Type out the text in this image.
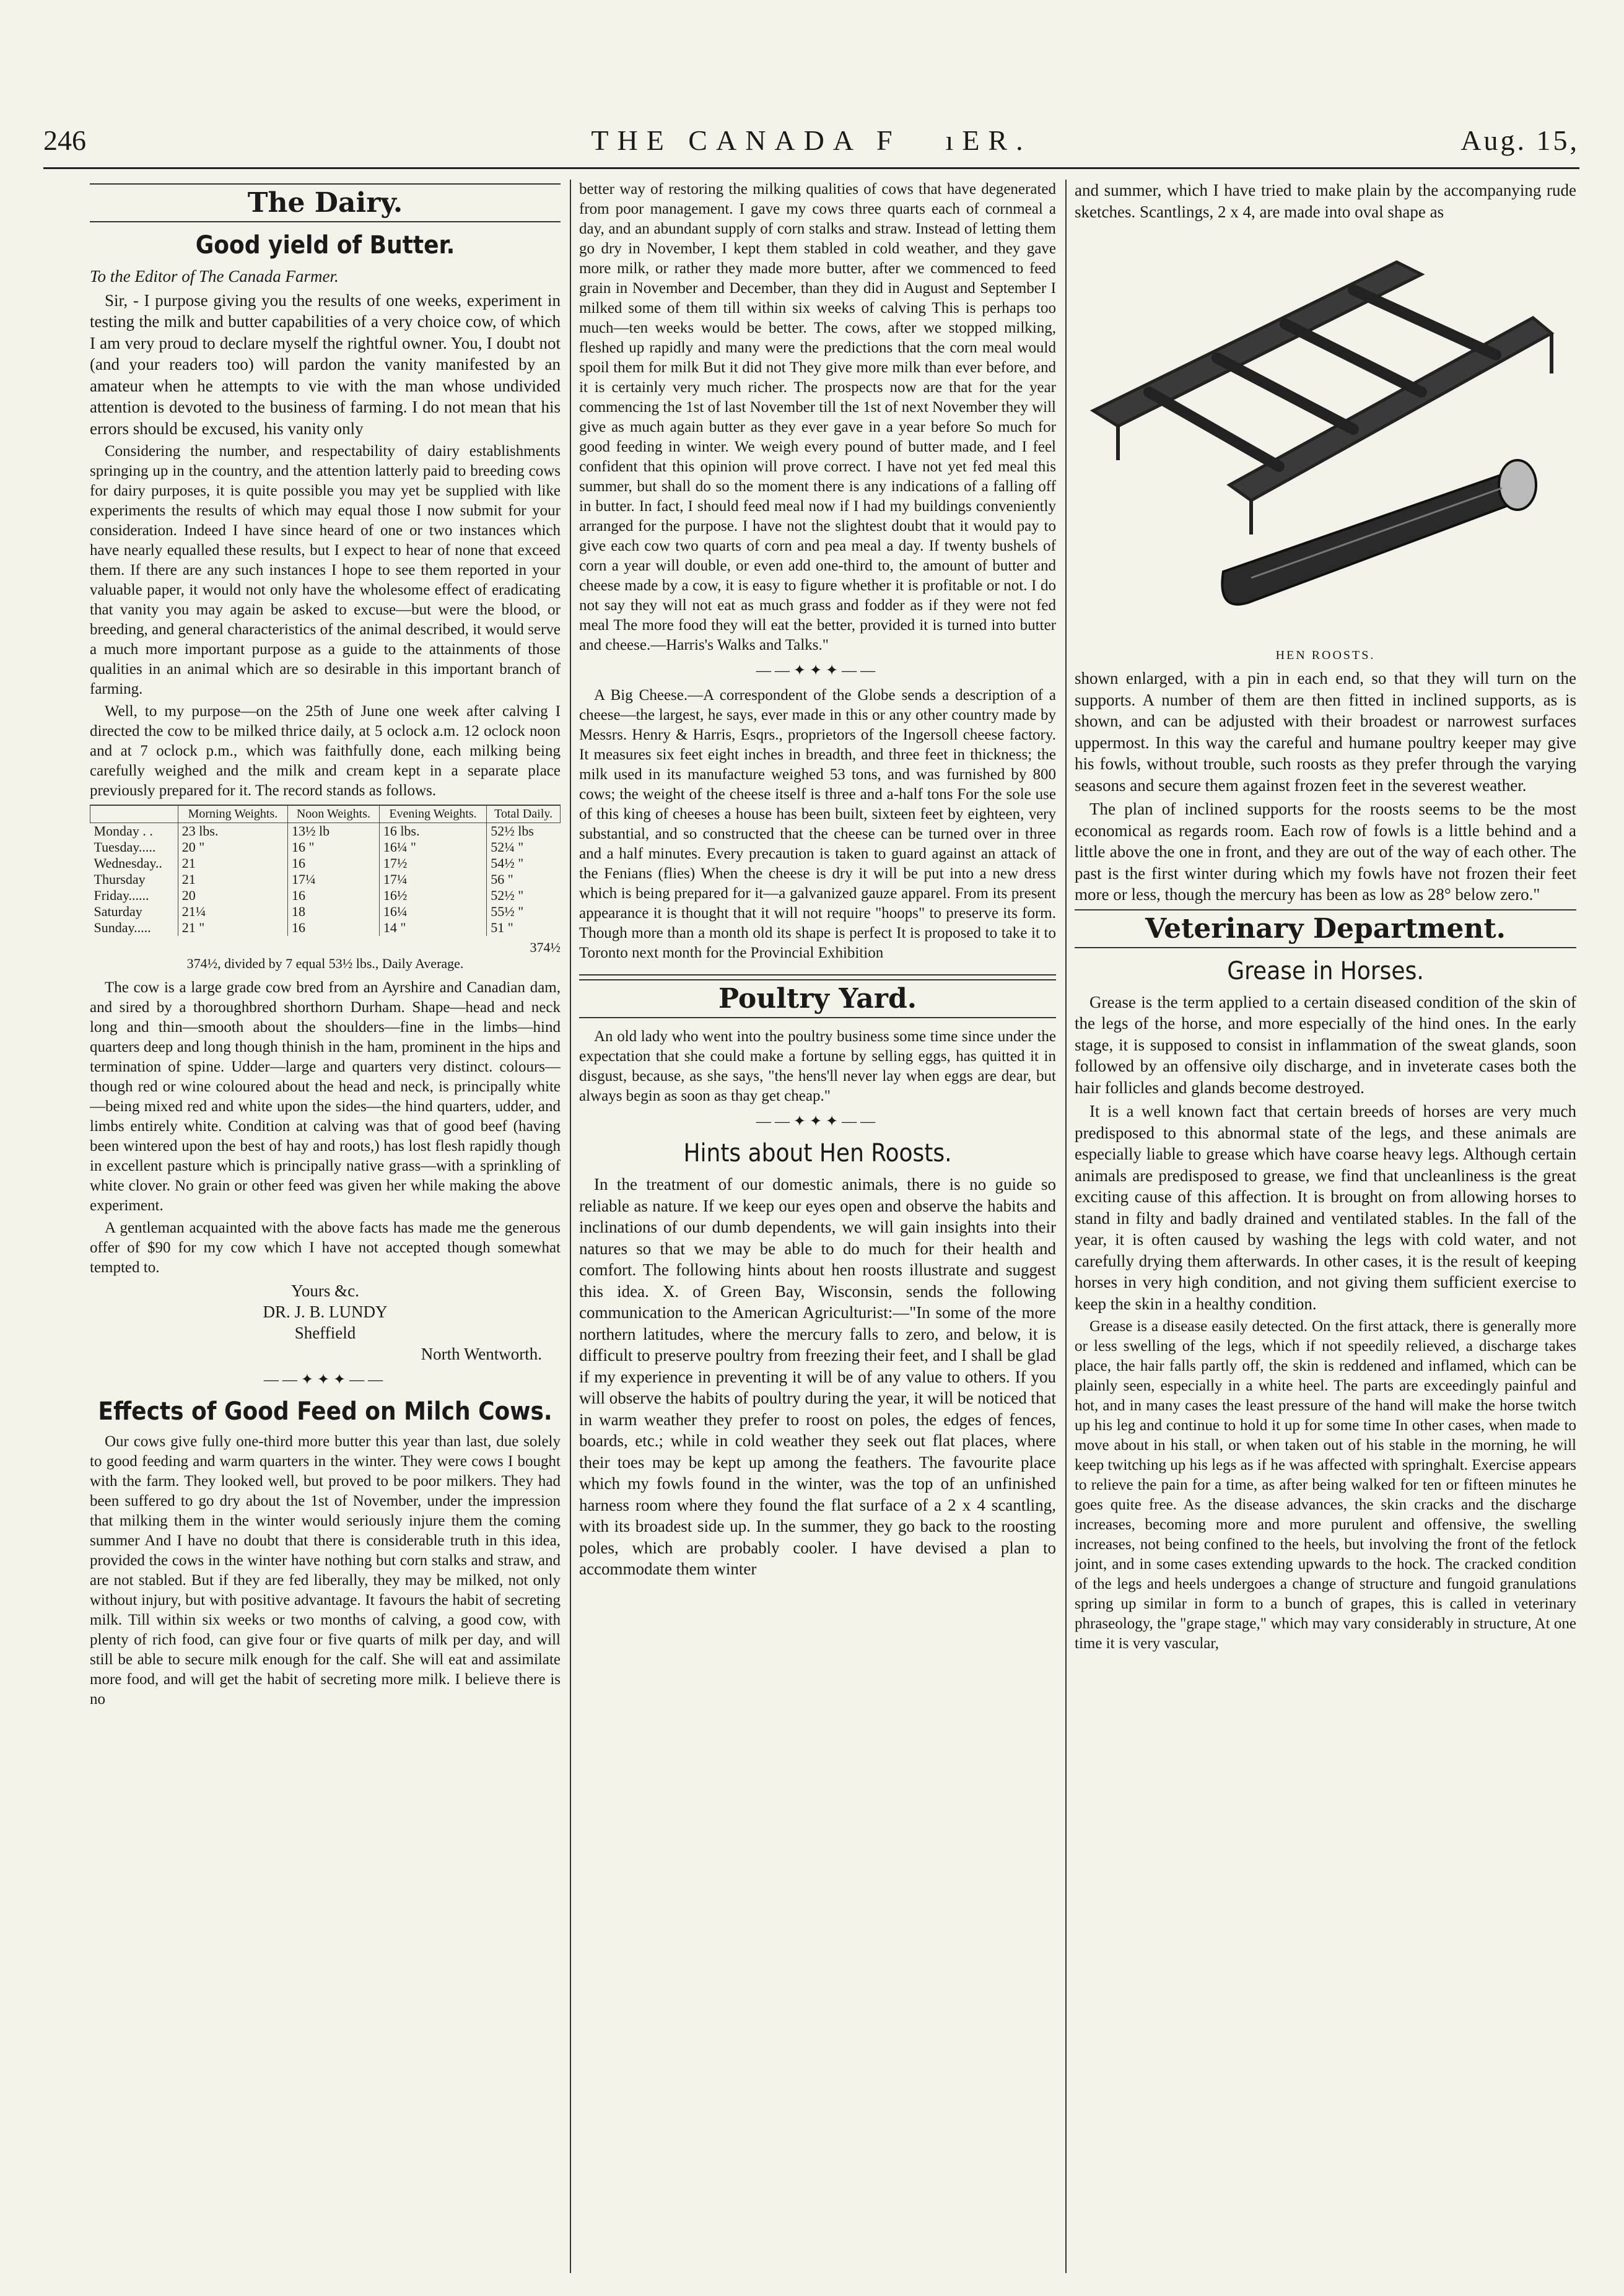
246	THE CANADA F   ıER.	Aug. 15,
The Dairy.
Good yield of Butter.

To the Editor of The Canada Farmer.

Sir, - I purpose giving you the results of one weeks, experiment in testing the milk and butter capabilities of a very choice cow, of which I am very proud to declare myself the rightful owner. You, I doubt not (and your readers too) will pardon the vanity manifested by an amateur when he attempts to vie with the man whose undivided attention is devoted to the business of farming. I do not mean that his errors should be excused, his vanity only

Considering the number, and respectability of dairy establishments springing up in the country, and the attention latterly paid to breeding cows for dairy purposes, it is quite possible you may yet be supplied with like experiments the results of which may equal those I now submit for your consideration. Indeed I have since heard of one or two instances which have nearly equalled these results, but I expect to hear of none that exceed them. If there are any such instances I hope to see them reported in your valuable paper, it would not only have the wholesome effect of eradicating that vanity you may again be asked to excuse—but were the blood, or breeding, and general characteristics of the animal described, it would serve a much more important purpose as a guide to the attainments of those qualities in an animal which are so desirable in this important branch of farming.

Well, to my purpose—on the 25th of June one week after calving I directed the cow to be milked thrice daily, at 5 oclock a.m. 12 oclock noon and at 7 oclock p.m., which was faithfully done, each milking being carefully weighed and the milk and cream kept in a separate place previously prepared for it. The record stands as follows.

	Morning Weights.	Noon Weights.	Evening Weights.	Total Daily.
Monday . .	23 lbs.	13½ lb	16 lbs.	52½ lbs
Tuesday.....	20 "	16 "	16¼ "	52¼ "
Wednesday..	21	16	17½	54½ "
Thursday	21	17¼	17¼	56 "
Friday......	20	16	16½	52½ "
Saturday	21¼	18	16¼	55½ "
Sunday.....	21 "	16	14 "	51 "
374½
374½, divided by 7 equal 53½ lbs., Daily Average.

The cow is a large grade cow bred from an Ayrshire and Canadian dam, and sired by a thoroughbred shorthorn Durham. Shape—head and neck long and thin—smooth about the shoulders—fine in the limbs—hind quarters deep and long though thinish in the ham, prominent in the hips and termination of spine. Udder—large and quarters very distinct. colours—though red or wine coloured about the head and neck, is principally white—being mixed red and white upon the sides—the hind quarters, udder, and limbs entirely white. Condition at calving was that of good beef (having been wintered upon the best of hay and roots,) has lost flesh rapidly though in excellent pasture which is principally native grass—with a sprinkling of white clover. No grain or other feed was given her while making the above experiment.

A gentleman acquainted with the above facts has made me the generous offer of $90 for my cow which I have not accepted though somewhat tempted to.

Yours &c.
DR. J. B. LUNDY
Sheffield
North Wentworth.
——✦✦✦——
Effects of Good Feed on Milch Cows.

Our cows give fully one-third more butter this year than last, due solely to good feeding and warm quarters in the winter. They were cows I bought with the farm. They looked well, but proved to be poor milkers. They had been suffered to go dry about the 1st of November, under the impression that milking them in the winter would seriously injure them the coming summer And I have no doubt that there is considerable truth in this idea, provided the cows in the winter have nothing but corn stalks and straw, and are not stabled. But if they are fed liberally, they may be milked, not only without injury, but with positive advantage. It favours the habit of secreting milk. Till within six weeks or two months of calving, a good cow, with plenty of rich food, can give four or five quarts of milk per day, and will still be able to secure milk enough for the calf. She will eat and assimilate more food, and will get the habit of secreting more milk. I believe there is no

better way of restoring the milking qualities of cows that have degenerated from poor management. I gave my cows three quarts each of cornmeal a day, and an abundant supply of corn stalks and straw. Instead of letting them go dry in November, I kept them stabled in cold weather, and they gave more milk, or rather they made more butter, after we commenced to feed grain in November and December, than they did in August and September I milked some of them till within six weeks of calving This is perhaps too much—ten weeks would be better. The cows, after we stopped milking, fleshed up rapidly and many were the predictions that the corn meal would spoil them for milk But it did not They give more milk than ever before, and it is certainly very much richer. The prospects now are that for the year commencing the 1st of last November till the 1st of next November they will give as much again butter as they ever gave in a year before So much for good feeding in winter. We weigh every pound of butter made, and I feel confident that this opinion will prove correct. I have not yet fed meal this summer, but shall do so the moment there is any indications of a falling off in butter. In fact, I should feed meal now if I had my buildings conveniently arranged for the purpose. I have not the slightest doubt that it would pay to give each cow two quarts of corn and pea meal a day. If twenty bushels of corn a year will double, or even add one-third to, the amount of butter and cheese made by a cow, it is easy to figure whether it is profitable or not. I do not say they will not eat as much grass and fodder as if they were not fed meal The more food they will eat the better, provided it is turned into butter and cheese.—Harris's Walks and Talks."

——✦✦✦——

A Big Cheese.—A correspondent of the Globe sends a description of a cheese—the largest, he says, ever made in this or any other country made by Messrs. Henry & Harris, Esqrs., proprietors of the Ingersoll cheese factory. It measures six feet eight inches in breadth, and three feet in thickness; the milk used in its manufacture weighed 53 tons, and was furnished by 800 cows; the weight of the cheese itself is three and a-half tons For the sole use of this king of cheeses a house has been built, sixteen feet by eighteen, very substantial, and so constructed that the cheese can be turned over in three and a half minutes. Every precaution is taken to guard against an attack of the Fenians (flies) When the cheese is dry it will be put into a new dress which is being prepared for it—a galvanized gauze apparel. From its present appearance it is thought that it will not require "hoops" to preserve its form. Though more than a month old its shape is perfect It is proposed to take it to Toronto next month for the Provincial Exhibition

Poultry Yard.

An old lady who went into the poultry business some time since under the expectation that she could make a fortune by selling eggs, has quitted it in disgust, because, as she says, "the hens'll never lay when eggs are dear, but always begin as soon as thay get cheap."

——✦✦✦——
Hints about Hen Roosts.

In the treatment of our domestic animals, there is no guide so reliable as nature. If we keep our eyes open and observe the habits and inclinations of our dumb dependents, we will gain insights into their natures so that we may be able to do much for their health and comfort. The following hints about hen roosts illustrate and suggest this idea. X. of Green Bay, Wisconsin, sends the following communication to the American Agriculturist:—"In some of the more northern latitudes, where the mercury falls to zero, and below, it is difficult to preserve poultry from freezing their feet, and I shall be glad if my experience in preventing it will be of any value to others. If you will observe the habits of poultry during the year, it will be noticed that in warm weather they prefer to roost on poles, the edges of fences, boards, etc.; while in cold weather they seek out flat places, where their toes may be kept up among the feathers. The favourite place which my fowls found in the winter, was the top of an unfinished harness room where they found the flat surface of a 2 x 4 scantling, with its broadest side up. In the summer, they go back to the roosting poles, which are probably cooler. I have devised a plan to accommodate them winter

and summer, which I have tried to make plain by the accompanying rude sketches. Scantlings, 2 x 4, are made into oval shape as

HEN ROOSTS.

shown enlarged, with a pin in each end, so that they will turn on the supports. A number of them are then fitted in inclined supports, as is shown, and can be adjusted with their broadest or narrowest surfaces uppermost. In this way the careful and humane poultry keeper may give his fowls, without trouble, such roosts as they prefer through the varying seasons and secure them against frozen feet in the severest weather.

The plan of inclined supports for the roosts seems to be the most economical as regards room. Each row of fowls is a little behind and a little above the one in front, and they are out of the way of each other. The past is the first winter during which my fowls have not frozen their feet more or less, though the mercury has been as low as 28° below zero."

Veterinary Department.
Grease in Horses.

Grease is the term applied to a certain diseased condition of the skin of the legs of the horse, and more especially of the hind ones. In the early stage, it is supposed to consist in inflammation of the sweat glands, soon followed by an offensive oily discharge, and in inveterate cases both the hair follicles and glands become destroyed.

It is a well known fact that certain breeds of horses are very much predisposed to this abnormal state of the legs, and these animals are especially liable to grease which have coarse heavy legs. Although certain animals are predisposed to grease, we find that uncleanliness is the great exciting cause of this affection. It is brought on from allowing horses to stand in filty and badly drained and ventilated stables. In the fall of the year, it is often caused by washing the legs with cold water, and not carefully drying them afterwards. In other cases, it is the result of keeping horses in very high condition, and not giving them sufficient exercise to keep the skin in a healthy condition.

Grease is a disease easily detected. On the first attack, there is generally more or less swelling of the legs, which if not speedily relieved, a discharge takes place, the hair falls partly off, the skin is reddened and inflamed, which can be plainly seen, especially in a white heel. The parts are exceedingly painful and hot, and in many cases the least pressure of the hand will make the horse twitch up his leg and continue to hold it up for some time In other cases, when made to move about in his stall, or when taken out of his stable in the morning, he will keep twitching up his legs as if he was affected with springhalt. Exercise appears to relieve the pain for a time, as after being walked for ten or fifteen minutes he goes quite free. As the disease advances, the skin cracks and the discharge increases, becoming more and more purulent and offensive, the swelling increases, not being confined to the heels, but involving the front of the fetlock joint, and in some cases extending upwards to the hock. The cracked condition of the legs and heels undergoes a change of structure and fungoid granulations spring up similar in form to a bunch of grapes, this is called in veterinary phraseology, the "grape stage," which may vary considerably in structure, At one time it is very vascular,
